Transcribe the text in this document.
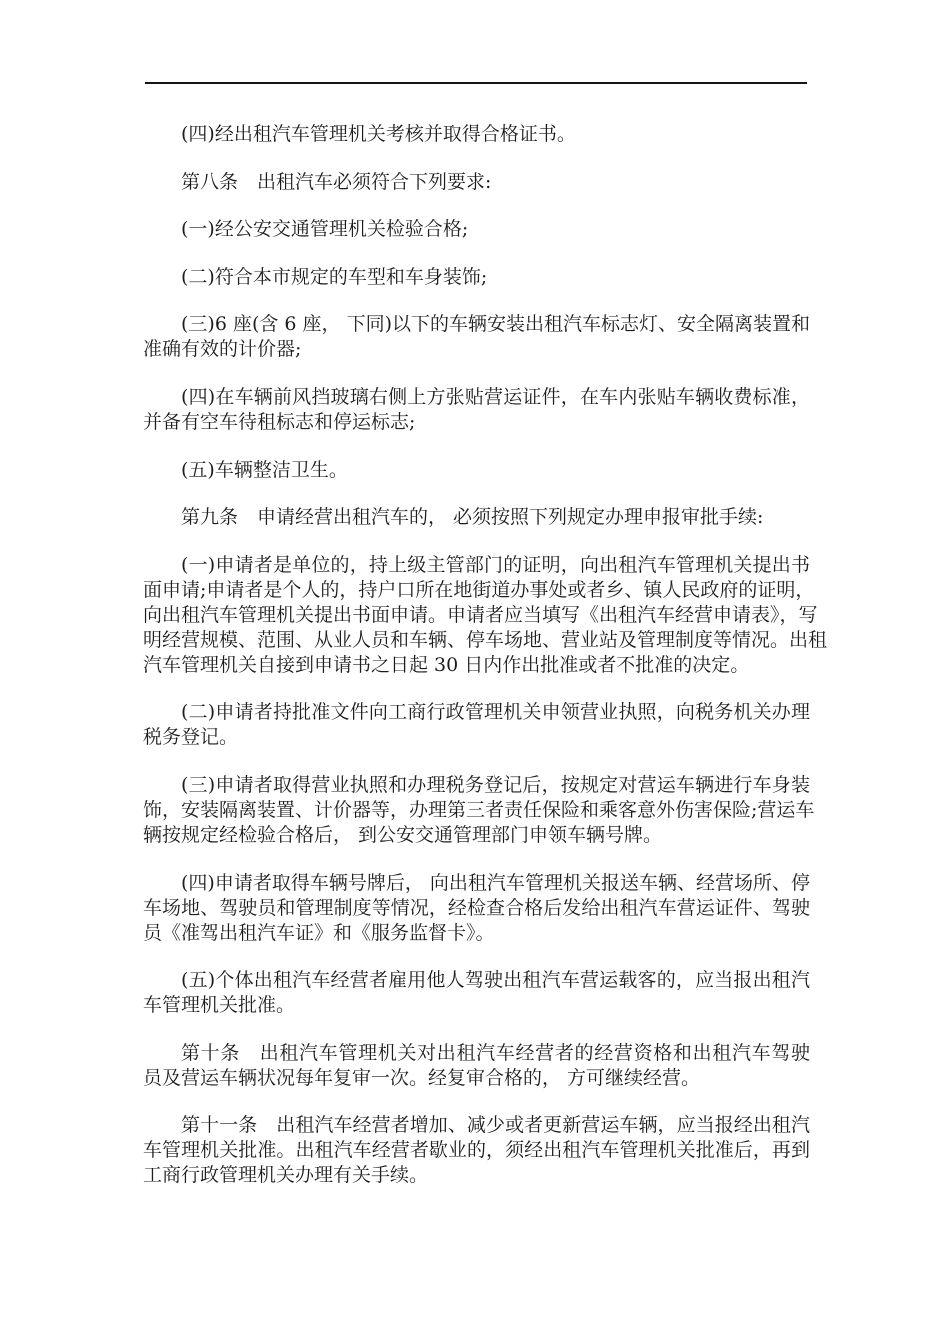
(四)经出租汽车管理机关考核并取得合格证书。

第八条　出租汽车必须符合下列要求:

(一)经公安交通管理机关检验合格;

(二)符合本市规定的车型和车身装饰;

(三)6 座(含 6 座， 下同)以下的车辆安装出租汽车标志灯、安全隔离装置和
准确有效的计价器;

(四)在车辆前风挡玻璃右侧上方张贴营运证件，在车内张贴车辆收费标准，
并备有空车待租标志和停运标志;

(五)车辆整洁卫生。

第九条　申请经营出租汽车的， 必须按照下列规定办理申报审批手续:

(一)申请者是单位的，持上级主管部门的证明，向出租汽车管理机关提出书
面申请;申请者是个人的，持户口所在地街道办事处或者乡、镇人民政府的证明，
向出租汽车管理机关提出书面申请。申请者应当填写《出租汽车经营申请表》，写
明经营规模、范围、从业人员和车辆、停车场地、营业站及管理制度等情况。出租
汽车管理机关自接到申请书之日起 30 日内作出批准或者不批准的决定。

(二)申请者持批准文件向工商行政管理机关申领营业执照，向税务机关办理
税务登记。

(三)申请者取得营业执照和办理税务登记后，按规定对营运车辆进行车身装
饰，安装隔离装置、计价器等，办理第三者责任保险和乘客意外伤害保险;营运车
辆按规定经检验合格后， 到公安交通管理部门申领车辆号牌。

(四)申请者取得车辆号牌后， 向出租汽车管理机关报送车辆、经营场所、停
车场地、驾驶员和管理制度等情况，经检查合格后发给出租汽车营运证件、驾驶
员《准驾出租汽车证》和《服务监督卡》。

(五)个体出租汽车经营者雇用他人驾驶出租汽车营运载客的，应当报出租汽
车管理机关批准。

第十条　出租汽车管理机关对出租汽车经营者的经营资格和出租汽车驾驶
员及营运车辆状况每年复审一次。经复审合格的， 方可继续经营。

第十一条　出租汽车经营者增加、减少或者更新营运车辆，应当报经出租汽
车管理机关批准。出租汽车经营者歇业的，须经出租汽车管理机关批准后，再到
工商行政管理机关办理有关手续。
